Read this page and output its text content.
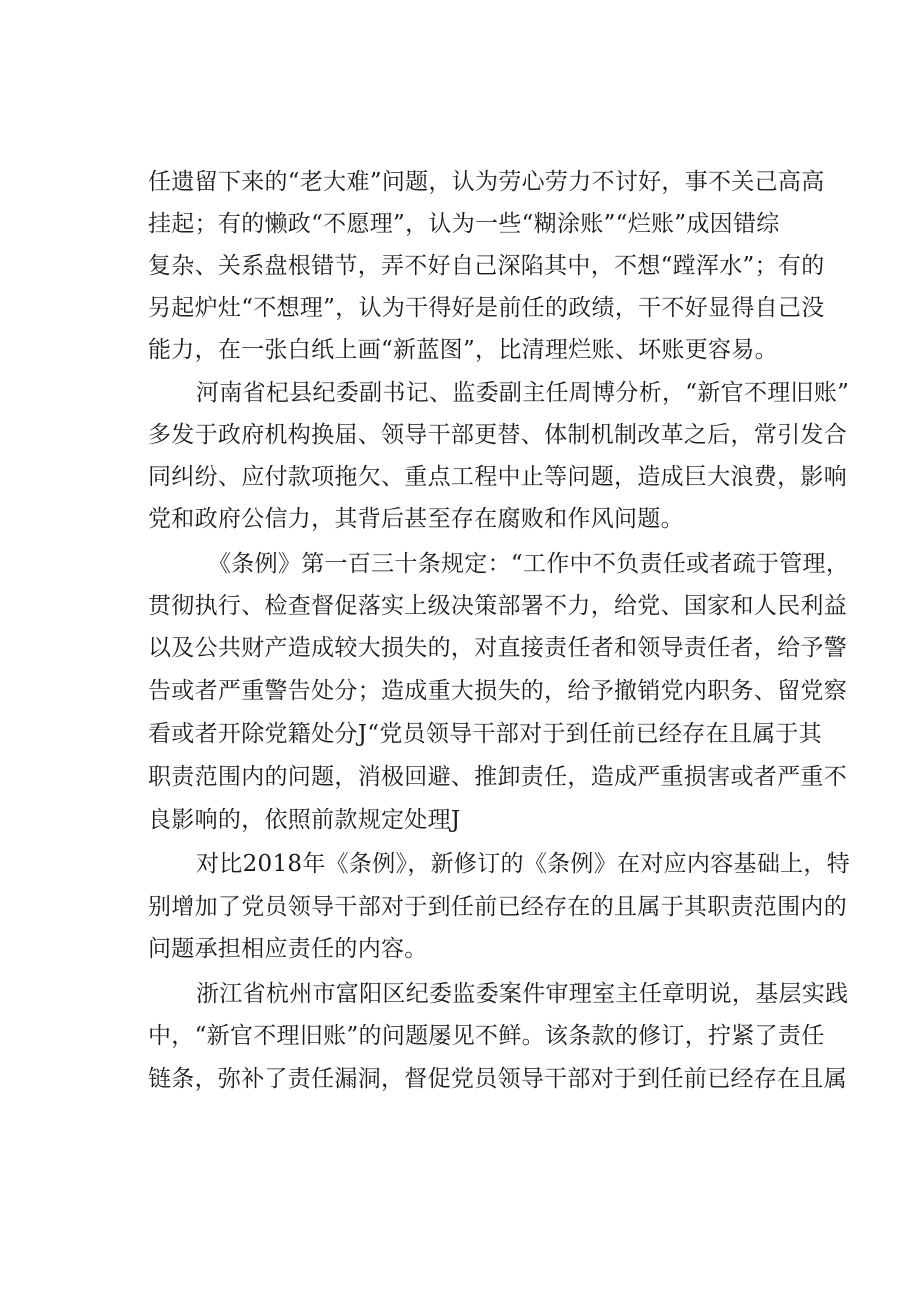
任遗留下来的“老大难”问题，认为劳心劳力不讨好，事不关己高高
挂起；有的懒政“不愿理”，认为一些“糊涂账”“烂账”成因错综
复杂、关系盘根错节，弄不好自己深陷其中，不想“蹚浑水”；有的
另起炉灶“不想理”，认为干得好是前任的政绩，干不好显得自己没
能力，在一张白纸上画“新蓝图”，比清理烂账、坏账更容易。
河南省杞县纪委副书记、监委副主任周博分析，“新官不理旧账”
多发于政府机构换届、领导干部更替、体制机制改革之后，常引发合
同纠纷、应付款项拖欠、重点工程中止等问题，造成巨大浪费，影响
党和政府公信力，其背后甚至存在腐败和作风问题。
《条例》第一百三十条规定：“工作中不负责任或者疏于管理，
贯彻执行、检查督促落实上级决策部署不力，给党、国家和人民利益
以及公共财产造成较大损失的，对直接责任者和领导责任者，给予警
告或者严重警告处分；造成重大损失的，给予撤销党内职务、留党察
看或者开除党籍处分J“党员领导干部对于到任前已经存在且属于其
职责范围内的问题，消极回避、推卸责任，造成严重损害或者严重不
良影响的，依照前款规定处理J
对比2018年《条例》，新修订的《条例》在对应内容基础上，特
别增加了党员领导干部对于到任前已经存在的且属于其职责范围内的
问题承担相应责任的内容。
浙江省杭州市富阳区纪委监委案件审理室主任章明说，基层实践
中，“新官不理旧账”的问题屡见不鲜。该条款的修订，拧紧了责任
链条，弥补了责任漏洞，督促党员领导干部对于到任前已经存在且属
